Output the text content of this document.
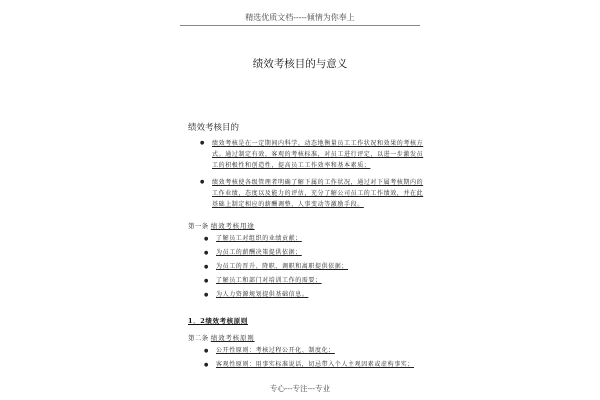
精选优质文档-----倾情为你奉上
绩效考核目的与意义
绩效考核目的
● 绩效考核是在一定期间内科学、动态地衡量员工工作状况和效果的考核方式。通过制定有效、客观的考核标准，对员工进行评定，以进一步激发员工的积极性和创造性，提高员工工作效率和基本素质；
● 绩效考核使各级管理者明确了解下属的工作状况，通过对下属考核期内的工作业绩，态度以及能力的评估，充分了解公司员工的工作绩效，并在此基础上制定相应的薪酬调整、人事变动等激励手段。
第一条 绩效考核用途
● 了解员工对组织的业绩贡献；
● 为员工的薪酬决策提供依据；
● 为员工的晋升、降职、调职和离职提供依据；
● 了解员工和部门对培训工作的需要；
● 为人力资源规划提供基础信息。
1．2绩效考核原则
第二条 绩效考核原则
● 公开性原则：考核过程公开化、制度化；
● 客观性原则：用事实标准说话，切忌带入个人主观因素或虚构事实；
专心---专注---专业
